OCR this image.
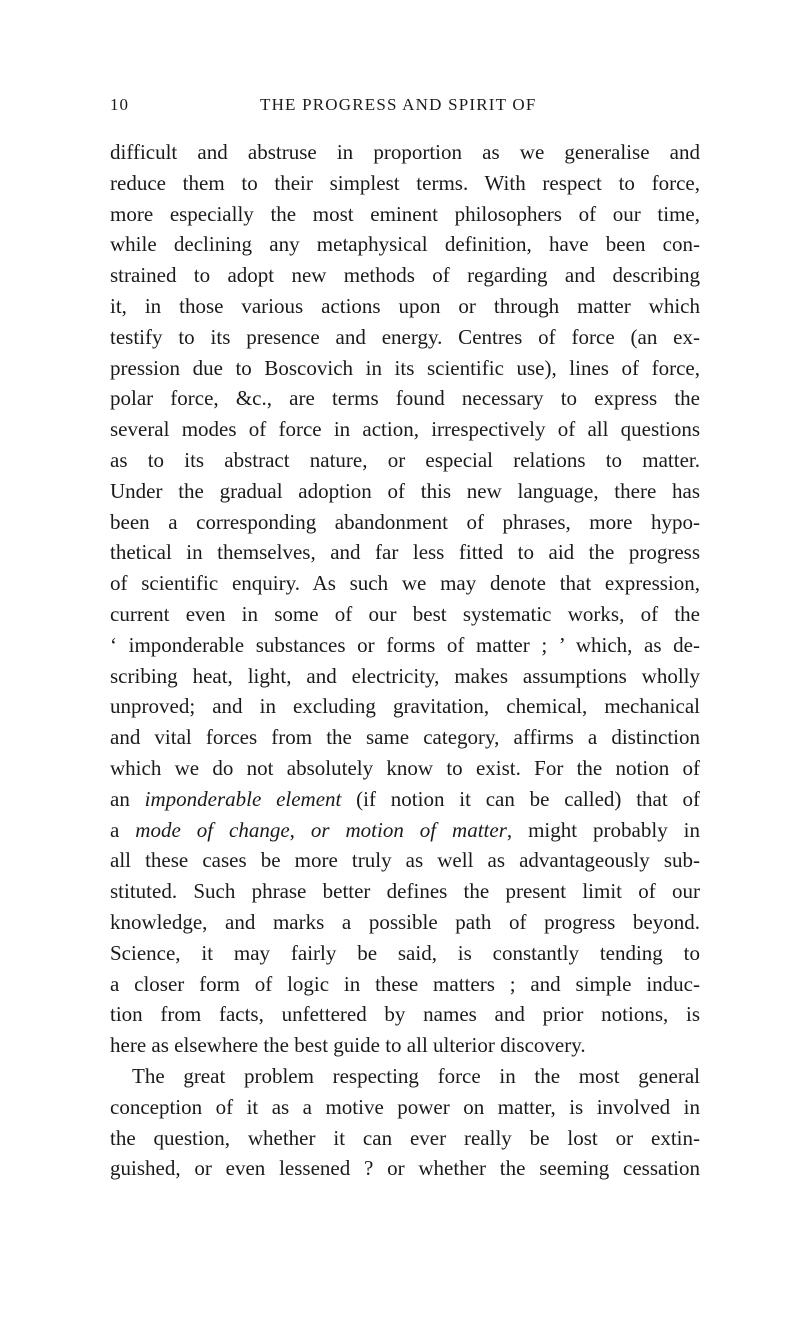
10	THE PROGRESS AND SPIRIT OF
difficult and abstruse in proportion as we generalise and
reduce them to their simplest terms. With respect to force,
more especially the most eminent philosophers of our time,
while declining any metaphysical definition, have been con-
strained to adopt new methods of regarding and describing
it, in those various actions upon or through matter which
testify to its presence and energy. Centres of force (an ex-
pression due to Boscovich in its scientific use), lines of force,
polar force, &c., are terms found necessary to express the
several modes of force in action, irrespectively of all questions
as to its abstract nature, or especial relations to matter.
Under the gradual adoption of this new language, there has
been a corresponding abandonment of phrases, more hypo-
thetical in themselves, and far less fitted to aid the progress
of scientific enquiry. As such we may denote that expression,
current even in some of our best systematic works, of the
‘ imponderable substances or forms of matter ; ’ which, as de-
scribing heat, light, and electricity, makes assumptions wholly
unproved; and in excluding gravitation, chemical, mechanical
and vital forces from the same category, affirms a distinction
which we do not absolutely know to exist. For the notion of
an imponderable element (if notion it can be called) that of
a mode of change, or motion of matter, might probably in
all these cases be more truly as well as advantageously sub-
stituted. Such phrase better defines the present limit of our
knowledge, and marks a possible path of progress beyond.
Science, it may fairly be said, is constantly tending to
a closer form of logic in these matters ; and simple induc-
tion from facts, unfettered by names and prior notions, is
here as elsewhere the best guide to all ulterior discovery.
The great problem respecting force in the most general
conception of it as a motive power on matter, is involved in
the question, whether it can ever really be lost or extin-
guished, or even lessened ? or whether the seeming cessation
